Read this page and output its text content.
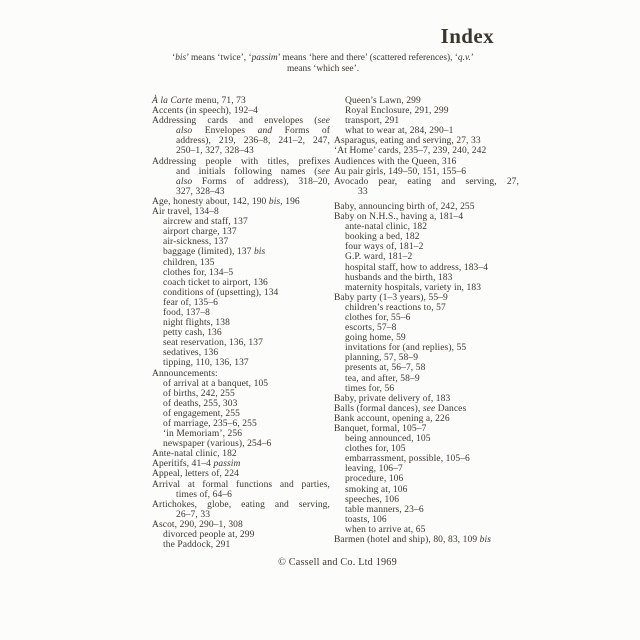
Index

‘bis’ means ‘twice’, ‘passim’ means ‘here and there’ (scattered references), ‘q.v.’
means ‘which see’.

À la Carte menu, 71, 73
Accents (in speech), 192–4
Addressing cards and envelopes (see
also Envelopes and Forms of
address), 219, 236–8, 241–2, 247,
250–1, 327, 328–43
Addressing people with titles, prefixes
and initials following names (see
also Forms of address), 318–20,
327, 328–43
Age, honesty about, 142, 190 bis, 196
Air travel, 134–8
aircrew and staff, 137
airport charge, 137
air-sickness, 137
baggage (limited), 137 bis
children, 135
clothes for, 134–5
coach ticket to airport, 136
conditions of (upsetting), 134
fear of, 135–6
food, 137–8
night flights, 138
petty cash, 136
seat reservation, 136, 137
sedatives, 136
tipping, 110, 136, 137
Announcements:
of arrival at a banquet, 105
of births, 242, 255
of deaths, 255, 303
of engagement, 255
of marriage, 235–6, 255
‘in Memoriam’, 256
newspaper (various), 254–6
Ante-natal clinic, 182
Aperitifs, 41–4 passim
Appeal, letters of, 224
Arrival at formal functions and parties,
times of, 64–6
Artichokes, globe, eating and serving,
26–7, 33
Ascot, 290, 290–1, 308
divorced people at, 299
the Paddock, 291
Queen’s Lawn, 299
Royal Enclosure, 291, 299
transport, 291
what to wear at, 284, 290–1
Asparagus, eating and serving, 27, 33
‘At Home’ cards, 235–7, 239, 240, 242
Audiences with the Queen, 316
Au pair girls, 149–50, 151, 155–6
Avocado pear, eating and serving, 27,
33
Baby, announcing birth of, 242, 255
Baby on N.H.S., having a, 181–4
ante-natal clinic, 182
booking a bed, 182
four ways of, 181–2
G.P. ward, 181–2
hospital staff, how to address, 183–4
husbands and the birth, 183
maternity hospitals, variety in, 183
Baby party (1–3 years), 55–9
children’s reactions to, 57
clothes for, 55–6
escorts, 57–8
going home, 59
invitations for (and replies), 55
planning, 57, 58–9
presents at, 56–7, 58
tea, and after, 58–9
times for, 56
Baby, private delivery of, 183
Balls (formal dances), see Dances
Bank account, opening a, 226
Banquet, formal, 105–7
being announced, 105
clothes for, 105
embarrassment, possible, 105–6
leaving, 106–7
procedure, 106
smoking at, 106
speeches, 106
table manners, 23–6
toasts, 106
when to arrive at, 65
Barmen (hotel and ship), 80, 83, 109 bis
© Cassell and Co. Ltd 1969
